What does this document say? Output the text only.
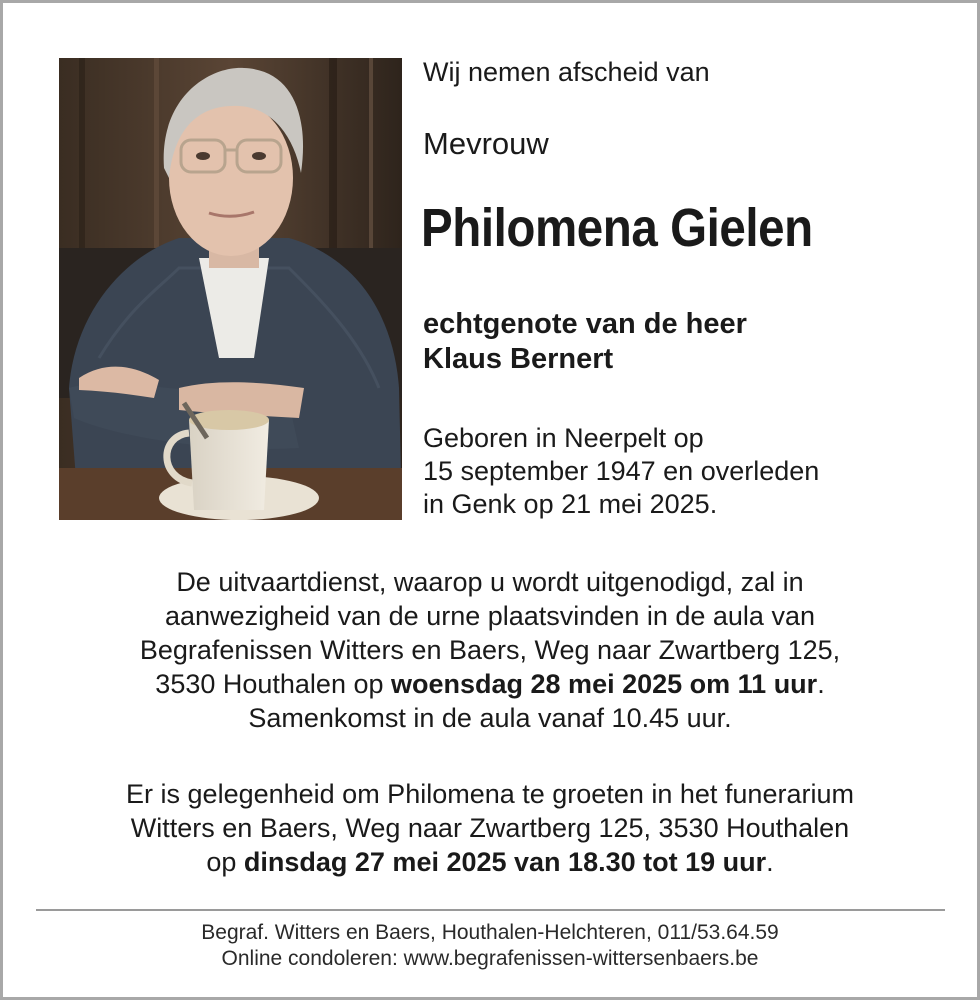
Wij nemen afscheid van

Mevrouw

Philomena Gielen

echtgenote van de heer
Klaus Bernert

Geboren in Neerpelt op
15 september 1947 en overleden
in Genk op 21 mei 2025.

De uitvaartdienst, waarop u wordt uitgenodigd, zal in
aanwezigheid van de urne plaatsvinden in de aula van
Begrafenissen Witters en Baers, Weg naar Zwartberg 125,
3530 Houthalen op woensdag 28 mei 2025 om 11 uur.
Samenkomst in de aula vanaf 10.45 uur.

Er is gelegenheid om Philomena te groeten in het funerarium
Witters en Baers, Weg naar Zwartberg 125, 3530 Houthalen
op dinsdag 27 mei 2025 van 18.30 tot 19 uur.

Begraf. Witters en Baers, Houthalen-Helchteren, 011/53.64.59
Online condoleren: www.begrafenissen-wittersenbaers.be
